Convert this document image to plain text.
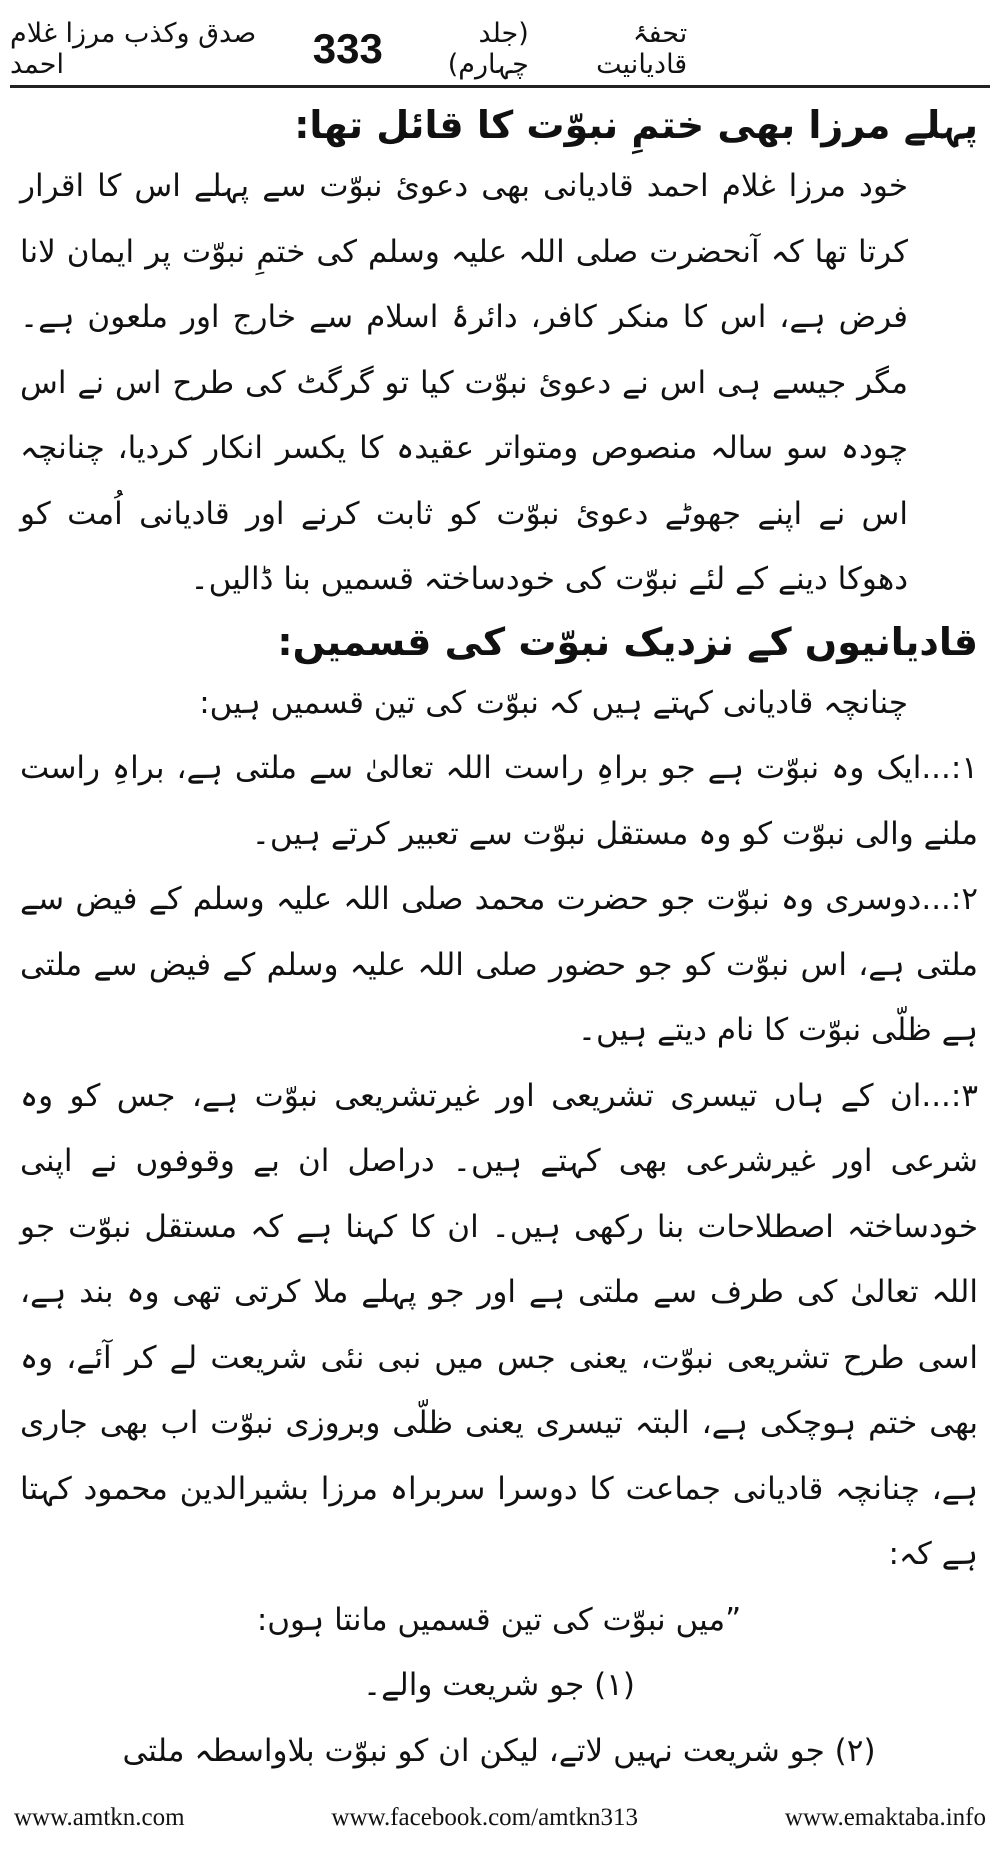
صدق وکذب مرزا غلام احمد
تحفۂ قادیانیت
(جلد چہارم)
333

پہلے مرزا بھی ختمِ نبوّت کا قائل تھا:

خود مرزا غلام احمد قادیانی بھی دعویٔ نبوّت سے پہلے اس کا اقرار کرتا تھا کہ آنحضرت صلی اللہ علیہ وسلم کی ختمِ نبوّت پر ایمان لانا فرض ہے، اس کا منکر کافر، دائرۂ اسلام سے خارج اور ملعون ہے۔ مگر جیسے ہی اس نے دعویٔ نبوّت کیا تو گرگٹ کی طرح اس نے اس چودہ سو سالہ منصوص ومتواتر عقیدہ کا یکسر انکار کردیا، چنانچہ اس نے اپنے جھوٹے دعویٔ نبوّت کو ثابت کرنے اور قادیانی اُمت کو دھوکا دینے کے لئے نبوّت کی خودساختہ قسمیں بنا ڈالیں۔

قادیانیوں کے نزدیک نبوّت کی قسمیں:

چنانچہ قادیانی کہتے ہیں کہ نبوّت کی تین قسمیں ہیں:

۱:...ایک وہ نبوّت ہے جو براہِ راست اللہ تعالیٰ سے ملتی ہے، براہِ راست ملنے والی نبوّت کو وہ مستقل نبوّت سے تعبیر کرتے ہیں۔

۲:...دوسری وہ نبوّت جو حضرت محمد صلی اللہ علیہ وسلم کے فیض سے ملتی ہے، اس نبوّت کو جو حضور صلی اللہ علیہ وسلم کے فیض سے ملتی ہے ظلّی نبوّت کا نام دیتے ہیں۔

۳:...ان کے ہاں تیسری تشریعی اور غیرتشریعی نبوّت ہے، جس کو وہ شرعی اور غیرشرعی بھی کہتے ہیں۔ دراصل ان بے وقوفوں نے اپنی خودساختہ اصطلاحات بنا رکھی ہیں۔ ان کا کہنا ہے کہ مستقل نبوّت جو اللہ تعالیٰ کی طرف سے ملتی ہے اور جو پہلے ملا کرتی تھی وہ بند ہے، اسی طرح تشریعی نبوّت، یعنی جس میں نبی نئی شریعت لے کر آئے، وہ بھی ختم ہوچکی ہے، البتہ تیسری یعنی ظلّی وبروزی نبوّت اب بھی جاری ہے، چنانچہ قادیانی جماعت کا دوسرا سربراہ مرزا بشیرالدین محمود کہتا ہے کہ:

”میں نبوّت کی تین قسمیں مانتا ہوں:

(۱) جو شریعت والے۔

(۲) جو شریعت نہیں لاتے، لیکن ان کو نبوّت بلاواسطہ ملتی

www.amtkn.com	www.facebook.com/amtkn313	www.emaktaba.info
